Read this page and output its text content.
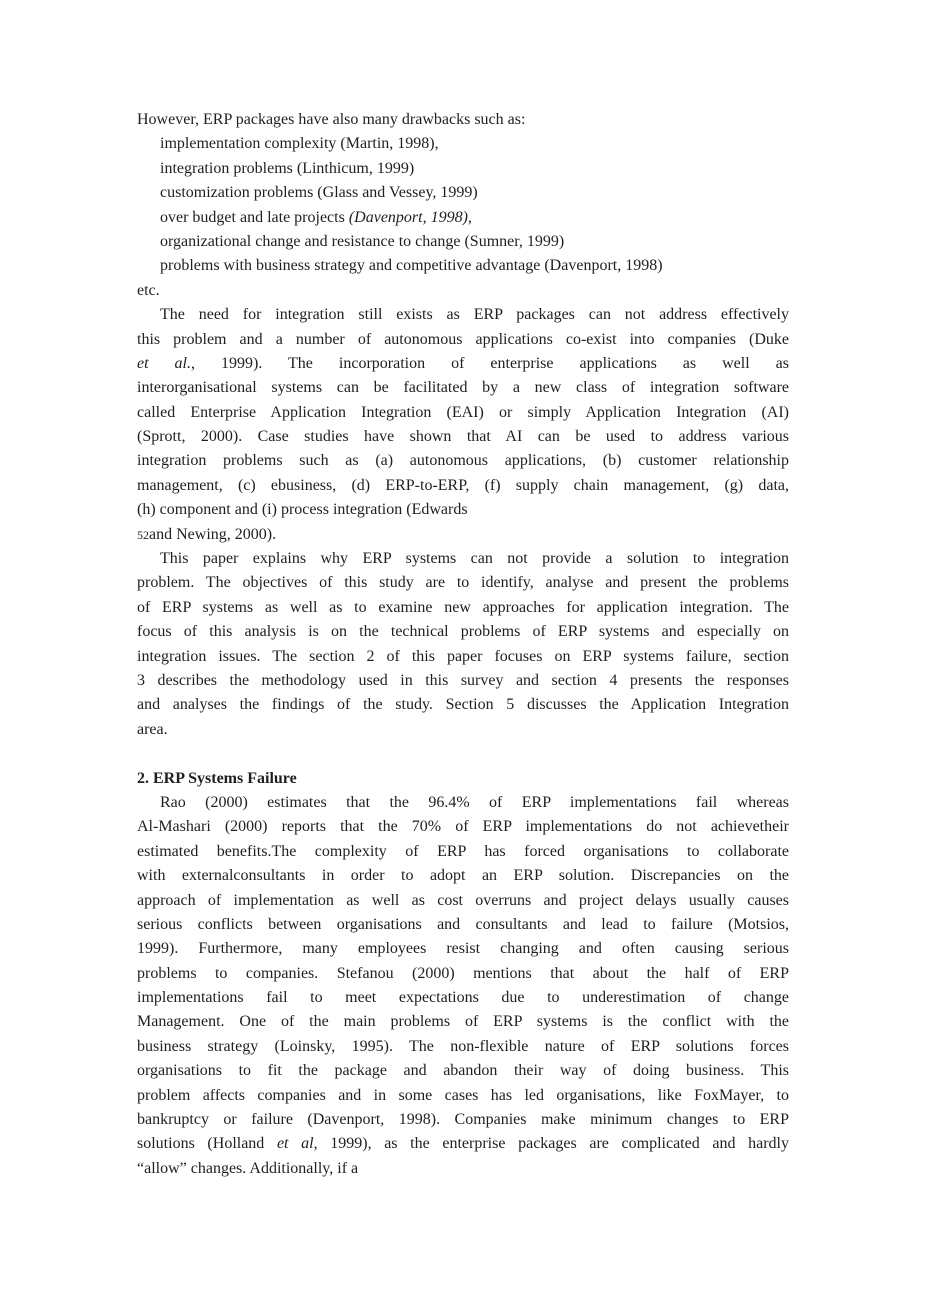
However, ERP packages have also many drawbacks such as:
implementation complexity (Martin, 1998),
integration problems (Linthicum, 1999)
customization problems (Glass and Vessey, 1999)
over budget and late projects (Davenport, 1998),
organizational change and resistance to change (Sumner, 1999)
problems with business strategy and competitive advantage (Davenport, 1998)
etc.
The need for integration still exists as ERP packages can not address effectively
this problem and a number of autonomous applications co-exist into companies (Duke
et al., 1999). The incorporation of enterprise applications as well as
interorganisational systems can be facilitated by a new class of integration software
called Enterprise Application Integration (EAI) or simply Application Integration (AI)
(Sprott, 2000). Case studies have shown that AI can be used to address various
integration problems such as (a) autonomous applications, (b) customer relationship
management, (c) ebusiness, (d) ERP-to-ERP, (f) supply chain management, (g) data,
(h) component and (i) process integration (Edwards
52and Newing, 2000).
This paper explains why ERP systems can not provide a solution to integration
problem. The objectives of this study are to identify, analyse and present the problems
of ERP systems as well as to examine new approaches for application integration. The
focus of this analysis is on the technical problems of ERP systems and especially on
integration issues. The section 2 of this paper focuses on ERP systems failure, section
3 describes the methodology used in this survey and section 4 presents the responses
and analyses the findings of the study. Section 5 discusses the Application Integration
area.
2. ERP Systems Failure
Rao (2000) estimates that the 96.4% of ERP implementations fail whereas
Al-Mashari (2000) reports that the 70% of ERP implementations do not achievetheir
estimated benefits.The complexity of ERP has forced organisations to collaborate
with externalconsultants in order to adopt an ERP solution. Discrepancies on the
approach of implementation as well as cost overruns and project delays usually causes
serious conflicts between organisations and consultants and lead to failure (Motsios,
1999). Furthermore, many employees resist changing and often causing serious
problems to companies. Stefanou (2000) mentions that about the half of ERP
implementations fail to meet expectations due to underestimation of change
Management. One of the main problems of ERP systems is the conflict with the
business strategy (Loinsky, 1995). The non-flexible nature of ERP solutions forces
organisations to fit the package and abandon their way of doing business. This
problem affects companies and in some cases has led organisations, like FoxMayer, to
bankruptcy or failure (Davenport, 1998). Companies make minimum changes to ERP
solutions (Holland et al, 1999), as the enterprise packages are complicated and hardly
“allow” changes. Additionally, if a
